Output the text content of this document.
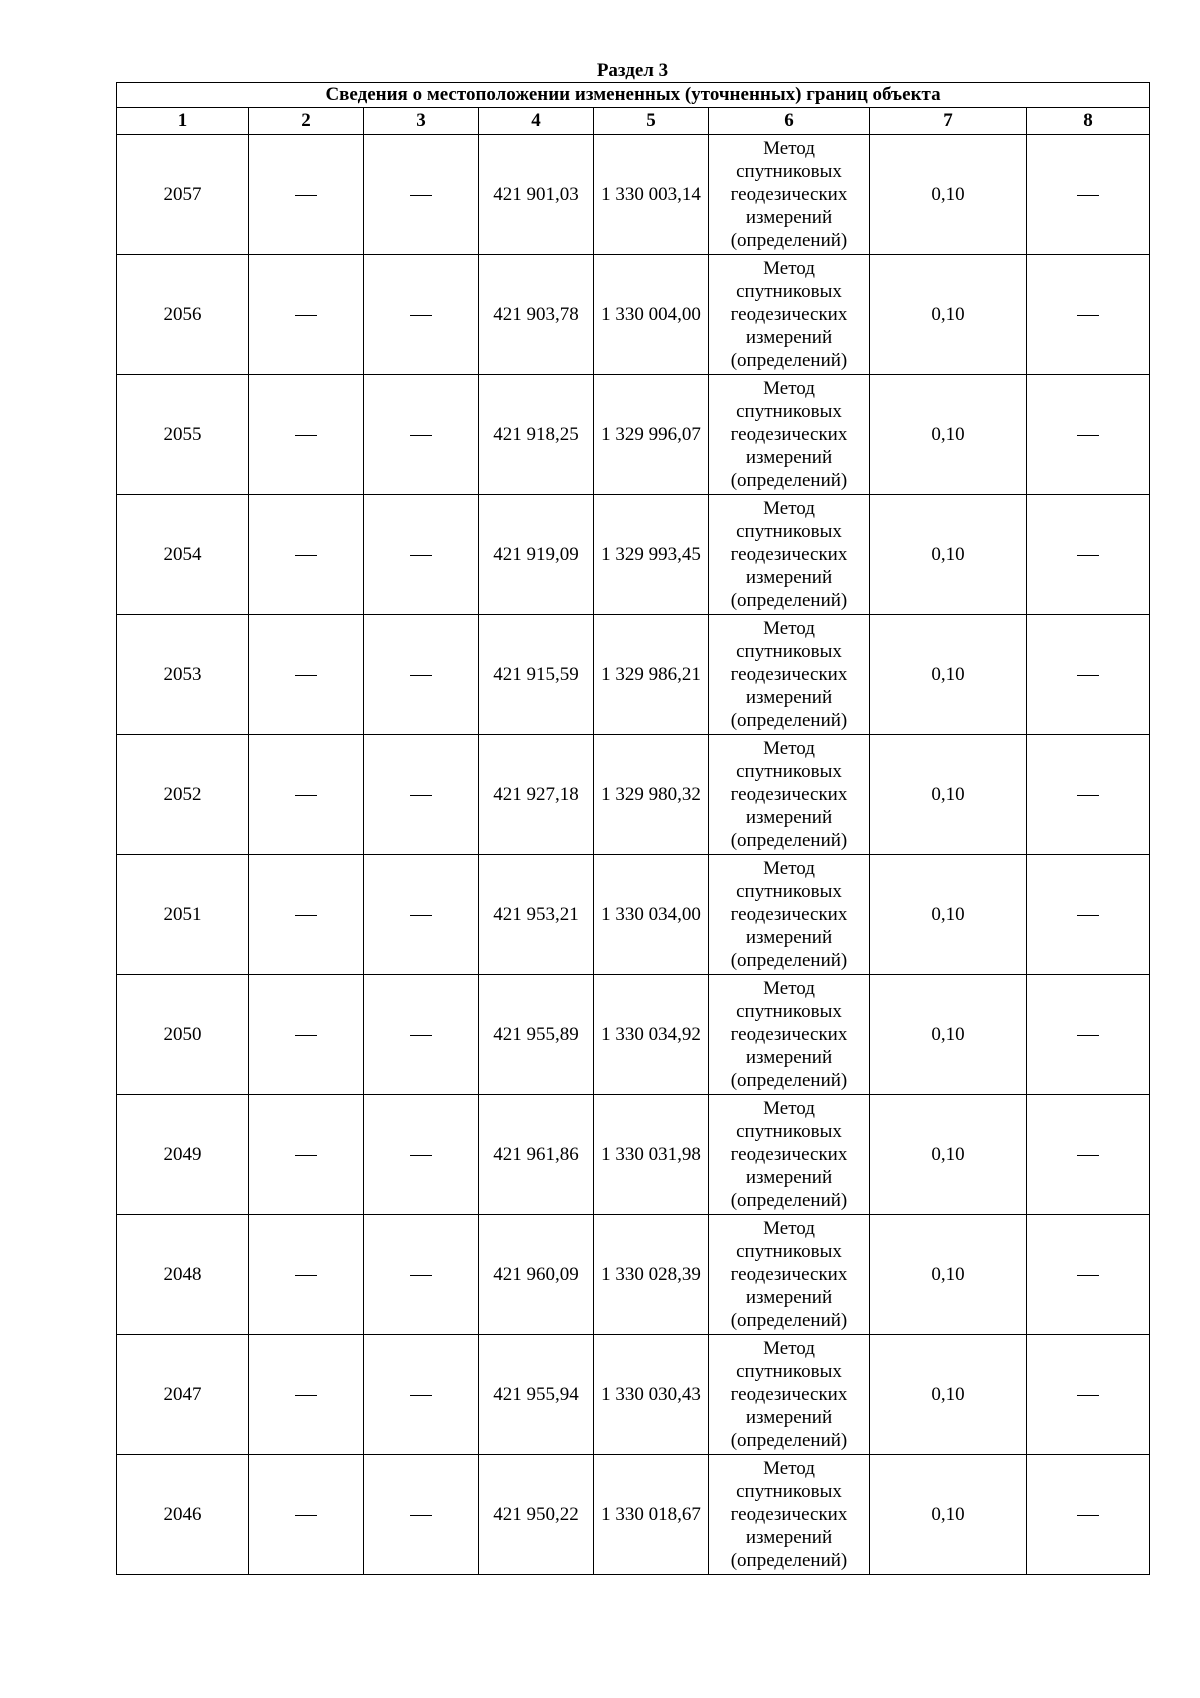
Раздел 3
Сведения о местоположении измененных (уточненных) границ объекта							
1	2	3	4	5	6	7	8
2057			421 901,03	1 330 003,14	Метод
спутниковых
геодезических
измерений
(определений)	0,10	
2056			421 903,78	1 330 004,00	Метод
спутниковых
геодезических
измерений
(определений)	0,10	
2055			421 918,25	1 329 996,07	Метод
спутниковых
геодезических
измерений
(определений)	0,10	
2054			421 919,09	1 329 993,45	Метод
спутниковых
геодезических
измерений
(определений)	0,10	
2053			421 915,59	1 329 986,21	Метод
спутниковых
геодезических
измерений
(определений)	0,10	
2052			421 927,18	1 329 980,32	Метод
спутниковых
геодезических
измерений
(определений)	0,10	
2051			421 953,21	1 330 034,00	Метод
спутниковых
геодезических
измерений
(определений)	0,10	
2050			421 955,89	1 330 034,92	Метод
спутниковых
геодезических
измерений
(определений)	0,10	
2049			421 961,86	1 330 031,98	Метод
спутниковых
геодезических
измерений
(определений)	0,10	
2048			421 960,09	1 330 028,39	Метод
спутниковых
геодезических
измерений
(определений)	0,10	
2047			421 955,94	1 330 030,43	Метод
спутниковых
геодезических
измерений
(определений)	0,10	
2046			421 950,22	1 330 018,67	Метод
спутниковых
геодезических
измерений
(определений)	0,10	
